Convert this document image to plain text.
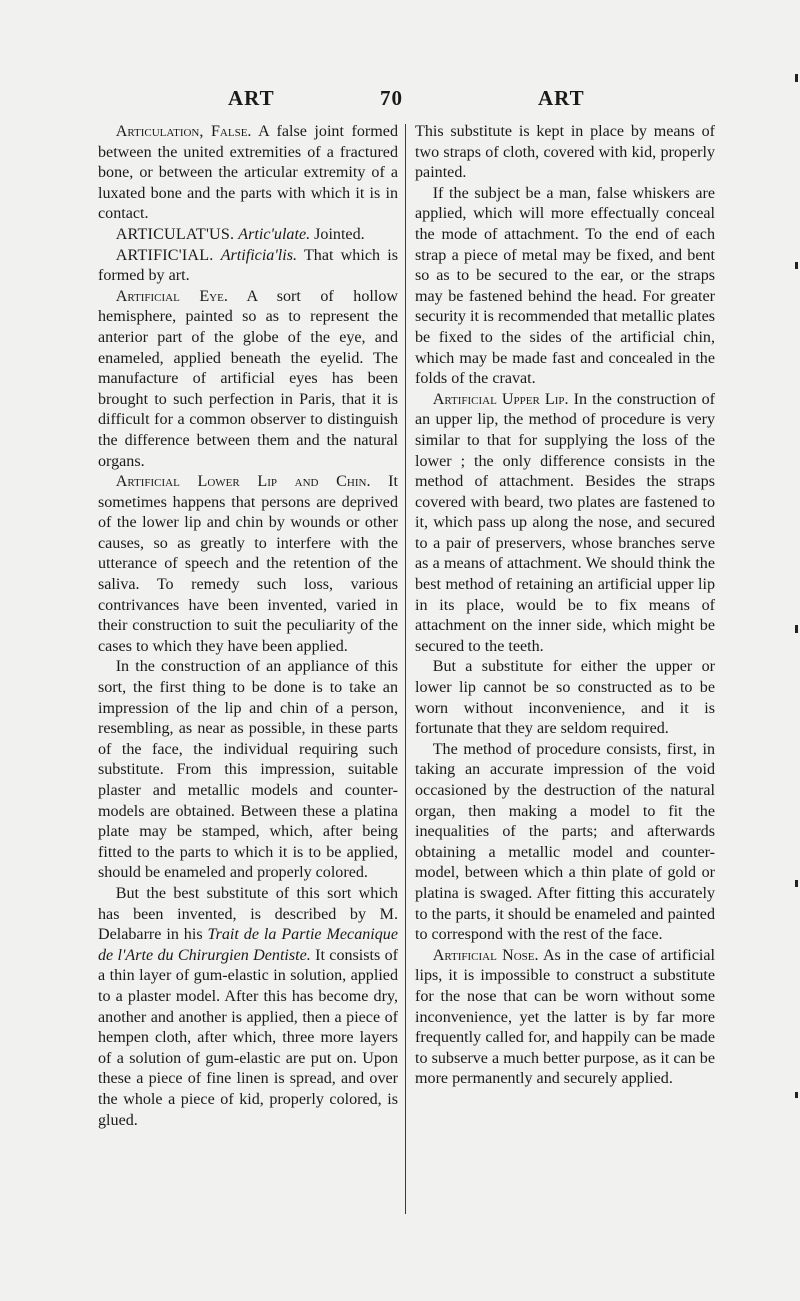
ART	70	ART

Articulation, False. A false joint formed between the united extremities of a fractured bone, or between the articular extremity of a luxated bone and the parts with which it is in contact.

ARTICULAT'US. Artic'ulate. Jointed.

ARTIFIC'IAL. Artificia'lis. That which is formed by art.

Artificial Eye. A sort of hollow hemisphere, painted so as to represent the anterior part of the globe of the eye, and enameled, applied beneath the eyelid. The manufacture of artificial eyes has been brought to such perfection in Paris, that it is difficult for a common observer to distinguish the difference between them and the natural organs.

Artificial Lower Lip and Chin. It sometimes happens that persons are deprived of the lower lip and chin by wounds or other causes, so as greatly to interfere with the utterance of speech and the retention of the saliva. To remedy such loss, various contrivances have been invented, varied in their construction to suit the peculiarity of the cases to which they have been applied.

In the construction of an appliance of this sort, the first thing to be done is to take an impression of the lip and chin of a person, resembling, as near as possible, in these parts of the face, the individual requiring such substitute. From this impression, suitable plaster and metallic models and counter-models are obtained. Between these a platina plate may be stamped, which, after being fitted to the parts to which it is to be applied, should be enameled and properly colored.

But the best substitute of this sort which has been invented, is described by M. Delabarre in his Trait de la Partie Mecanique de l'Arte du Chirurgien Dentiste. It consists of a thin layer of gum-elastic in solution, applied to a plaster model. After this has become dry, another and another is applied, then a piece of hempen cloth, after which, three more layers of a solution of gum-elastic are put on. Upon these a piece of fine linen is spread, and over the whole a piece of kid, properly colored, is glued.

This substitute is kept in place by means of two straps of cloth, covered with kid, properly painted.

If the subject be a man, false whiskers are applied, which will more effectually conceal the mode of attachment. To the end of each strap a piece of metal may be fixed, and bent so as to be secured to the ear, or the straps may be fastened behind the head. For greater security it is recommended that metallic plates be fixed to the sides of the artificial chin, which may be made fast and concealed in the folds of the cravat.

Artificial Upper Lip. In the construction of an upper lip, the method of procedure is very similar to that for supplying the loss of the lower ; the only difference consists in the method of attachment. Besides the straps covered with beard, two plates are fastened to it, which pass up along the nose, and secured to a pair of preservers, whose branches serve as a means of attachment. We should think the best method of retaining an artificial upper lip in its place, would be to fix means of attachment on the inner side, which might be secured to the teeth.

But a substitute for either the upper or lower lip cannot be so constructed as to be worn without inconvenience, and it is fortunate that they are seldom required.

The method of procedure consists, first, in taking an accurate impression of the void occasioned by the destruction of the natural organ, then making a model to fit the inequalities of the parts; and afterwards obtaining a metallic model and counter-model, between which a thin plate of gold or platina is swaged. After fitting this accurately to the parts, it should be enameled and painted to correspond with the rest of the face.

Artificial Nose. As in the case of artificial lips, it is impossible to construct a substitute for the nose that can be worn without some inconvenience, yet the latter is by far more frequently called for, and happily can be made to subserve a much better purpose, as it can be more permanently and securely applied.
